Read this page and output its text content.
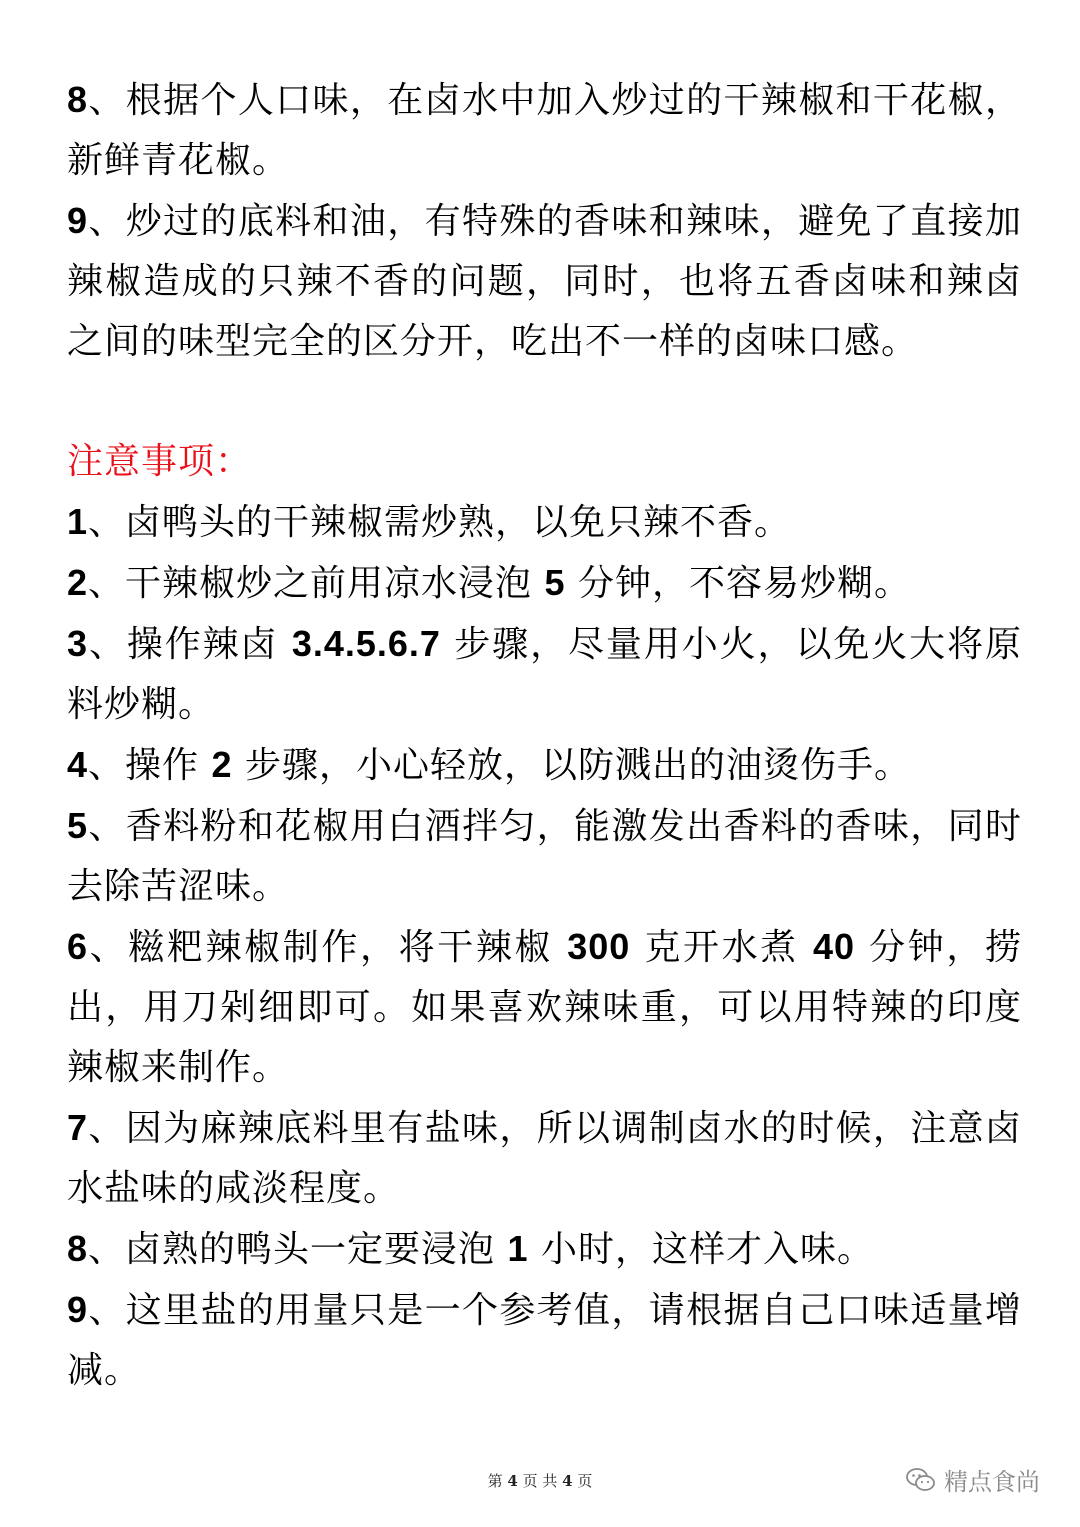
8、根据个人口味，在卤水中加入炒过的干辣椒和干花椒，新鲜青花椒。

9、炒过的底料和油，有特殊的香味和辣味，避免了直接加辣椒造成的只辣不香的问题，同时，也将五香卤味和辣卤之间的味型完全的区分开，吃出不一样的卤味口感。

注意事项：

1、卤鸭头的干辣椒需炒熟，以免只辣不香。

2、干辣椒炒之前用凉水浸泡 5 分钟，不容易炒糊。

3、操作辣卤 3.4.5.6.7 步骤，尽量用小火，以免火大将原料炒糊。

4、操作 2 步骤，小心轻放，以防溅出的油烫伤手。

5、香料粉和花椒用白酒拌匀，能激发出香料的香味，同时去除苦涩味。

6、糍粑辣椒制作，将干辣椒 300 克开水煮 40 分钟，捞出，用刀剁细即可。如果喜欢辣味重，可以用特辣的印度辣椒来制作。

7、因为麻辣底料里有盐味，所以调制卤水的时候，注意卤水盐味的咸淡程度。

8、卤熟的鸭头一定要浸泡 1 小时，这样才入味。

9、这里盐的用量只是一个参考值，请根据自己口味适量增减。

第 4 页 共 4 页	精点食尚
